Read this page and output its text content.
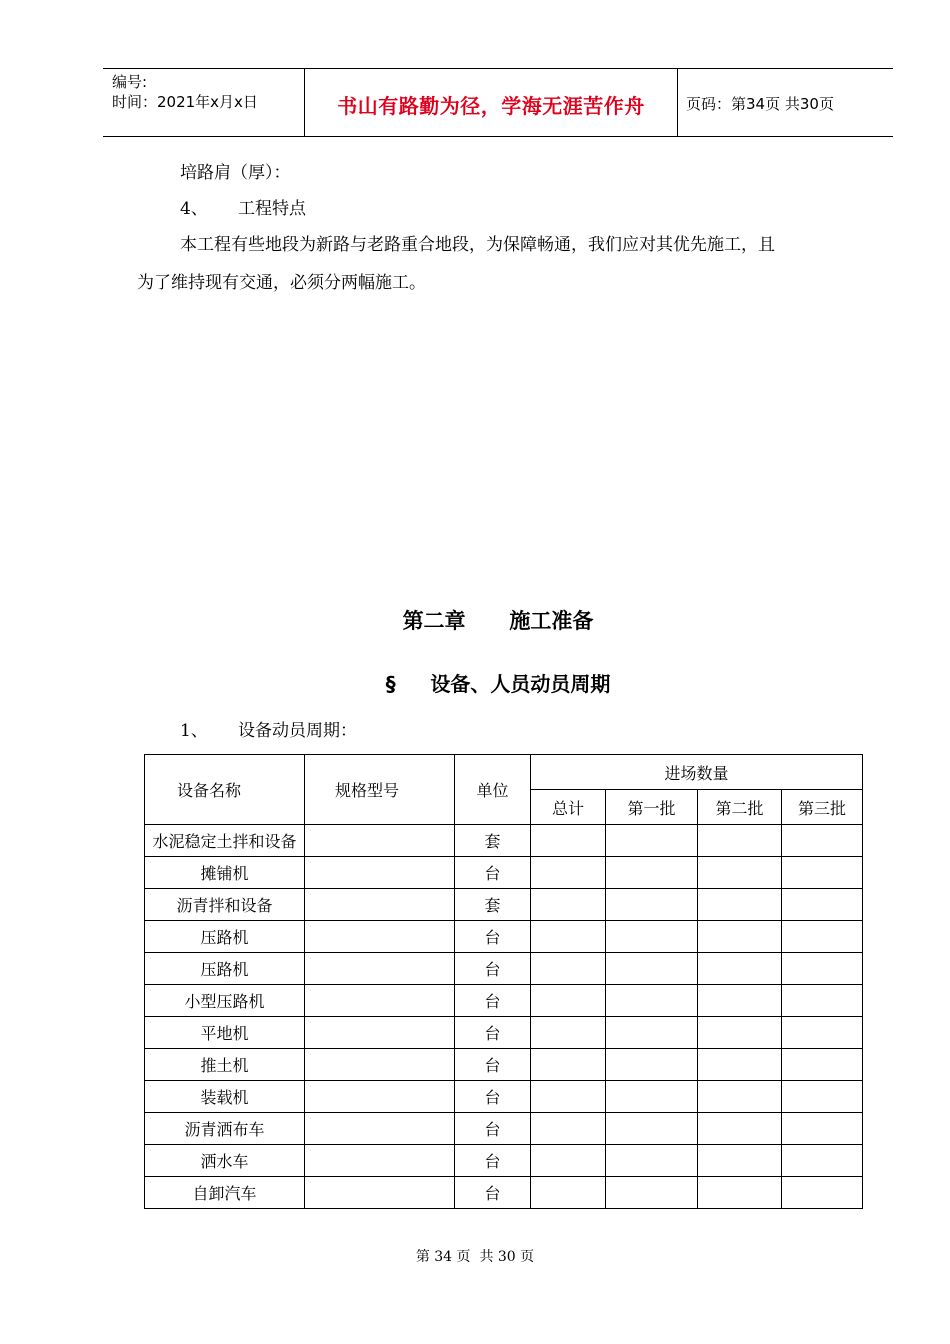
编号:
时间：2021年x月x日	书山有路勤为径，学海无涯苦作舟	页码：第34页 共30页
培路肩（厚）：
4、 工程特点
本工程有些地段为新路与老路重合地段，为保障畅通，我们应对其优先施工，且
为了维持现有交通，必须分两幅施工。
第二章      施工准备
§     设备、人员动员周期
1、 设备动员周期：
设备名称	规格型号	单位	进场数量			
			总计	第一批	第二批	第三批
水泥稳定土拌和设备		套				
摊铺机		台				
沥青拌和设备		套				
压路机		台				
压路机		台				
小型压路机		台				
平地机		台				
推土机		台				
装载机		台				
沥青洒布车		台				
洒水车		台				
自卸汽车		台				
第 34 页  共 30 页
